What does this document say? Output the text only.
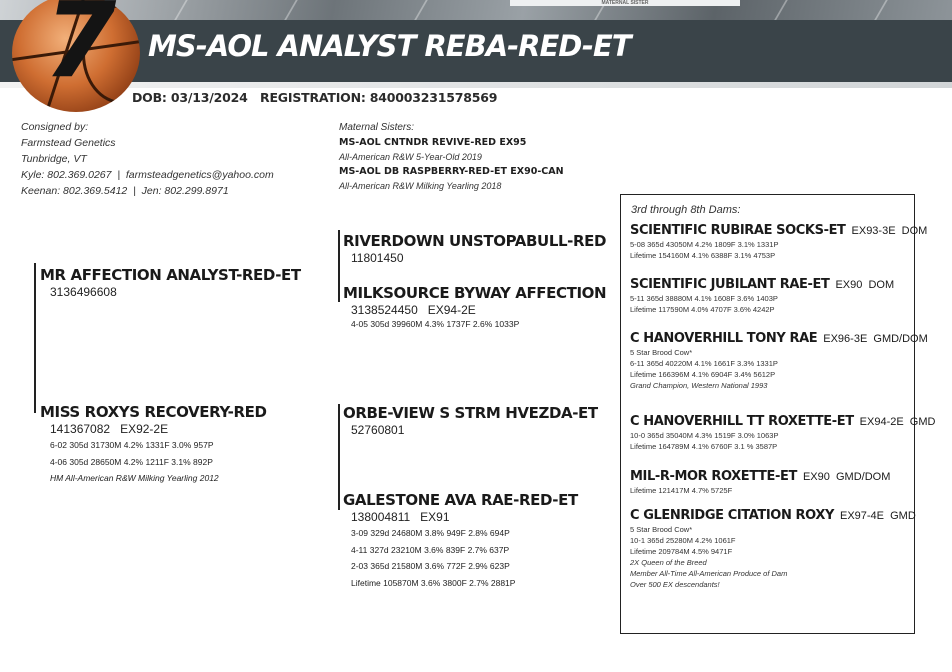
MATERNAL SISTER
7 MS-AOL ANALYST REBA-RED-ET
DOB: 03/13/2024   REGISTRATION: 840003231578569
Consigned by:
Farmstead Genetics
Tunbridge, VT
Kyle: 802.369.0267  |  farmsteadgenetics@yahoo.com
Keenan: 802.369.5412  |  Jen: 802.299.8971
Maternal Sisters:
MS-AOL CNTNDR REVIVE-RED EX95
All-American R&W 5-Year-Old 2019
MS-AOL DB RASPBERRY-RED-ET EX90-CAN
All-American R&W Milking Yearling 2018
MR AFFECTION ANALYST-RED-ET
3136496608
RIVERDOWN UNSTOPABULL-RED
11801450
MILKSOURCE BYWAY AFFECTION
3138524450   EX94-2E
4-05 305d 39960M 4.3% 1737F 2.6% 1033P
MISS ROXYS RECOVERY-RED
141367082   EX92-2E
6-02 305d 31730M 4.2% 1331F 3.0% 957P
4-06 305d 28650M 4.2% 1211F 3.1% 892P
HM All-American R&W Milking Yearling 2012
ORBE-VIEW S STRM HVEZDA-ET
52760801
GALESTONE AVA RAE-RED-ET
138004811   EX91
3-09 329d 24680M 3.8% 949F 2.8% 694P
4-11 327d 23210M 3.6% 839F 2.7% 637P
2-03 365d 21580M 3.6% 772F 2.9% 623P
Lifetime 105870M 3.6% 3800F 2.7% 2881P
3rd through 8th Dams:
SCIENTIFIC RUBIRAE SOCKS-ET EX93-3E  DOM
5-08 365d 43050M 4.2% 1809F 3.1% 1331P
Lifetime 154160M 4.1% 6388F 3.1% 4753P
SCIENTIFIC JUBILANT RAE-ET EX90  DOM
5-11 365d 38880M 4.1% 1608F 3.6% 1403P
Lifetime 117590M 4.0% 4707F 3.6% 4242P
C HANOVERHILL TONY RAE EX96-3E  GMD/DOM
5 Star Brood Cow*
6-11 365d 40220M 4.1% 1661F 3.3% 1331P
Lifetime 166396M 4.1% 6904F 3.4% 5612P
Grand Champion, Western National 1993
C HANOVERHILL TT ROXETTE-ET EX94-2E  GMD
10-0 365d 35040M 4.3% 1519F 3.0% 1063P
Lifetime 164789M 4.1% 6760F 3.1 % 3587P
MIL-R-MOR ROXETTE-ET EX90  GMD/DOM
Lifetime 121417M 4.7% 5725F
C GLENRIDGE CITATION ROXY EX97-4E  GMD
5 Star Brood Cow*
10-1 365d 25280M 4.2% 1061F
Lifetime 209784M 4.5% 9471F
2X Queen of the Breed
Member All-Time All-American Produce of Dam
Over 500 EX descendants!
